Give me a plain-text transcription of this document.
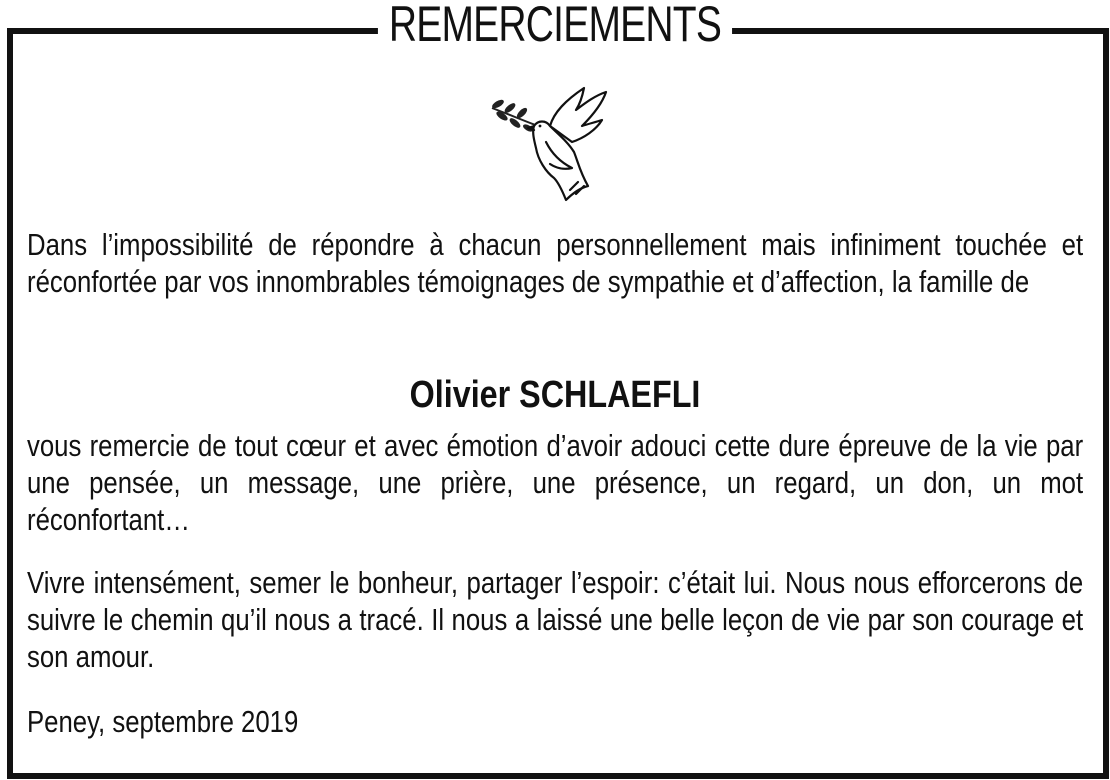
REMERCIEMENTS
Dans l’impossibilité de répondre à chacun personnellement mais infiniment touchée et réconfortée par vos innombrables témoignages de sympathie et d’affection, la famille de
Olivier SCHLAEFLI
vous remercie de tout cœur et avec émotion d’avoir adouci cette dure épreuve de la vie par une pensée, un message, une prière, une présence, un regard, un don, un mot réconfortant…
Vivre intensément, semer le bonheur, partager l’espoir: c’était lui. Nous nous efforcerons de suivre le chemin qu’il nous a tracé. Il nous a laissé une belle leçon de vie par son courage et son amour.
Peney, septembre 2019
